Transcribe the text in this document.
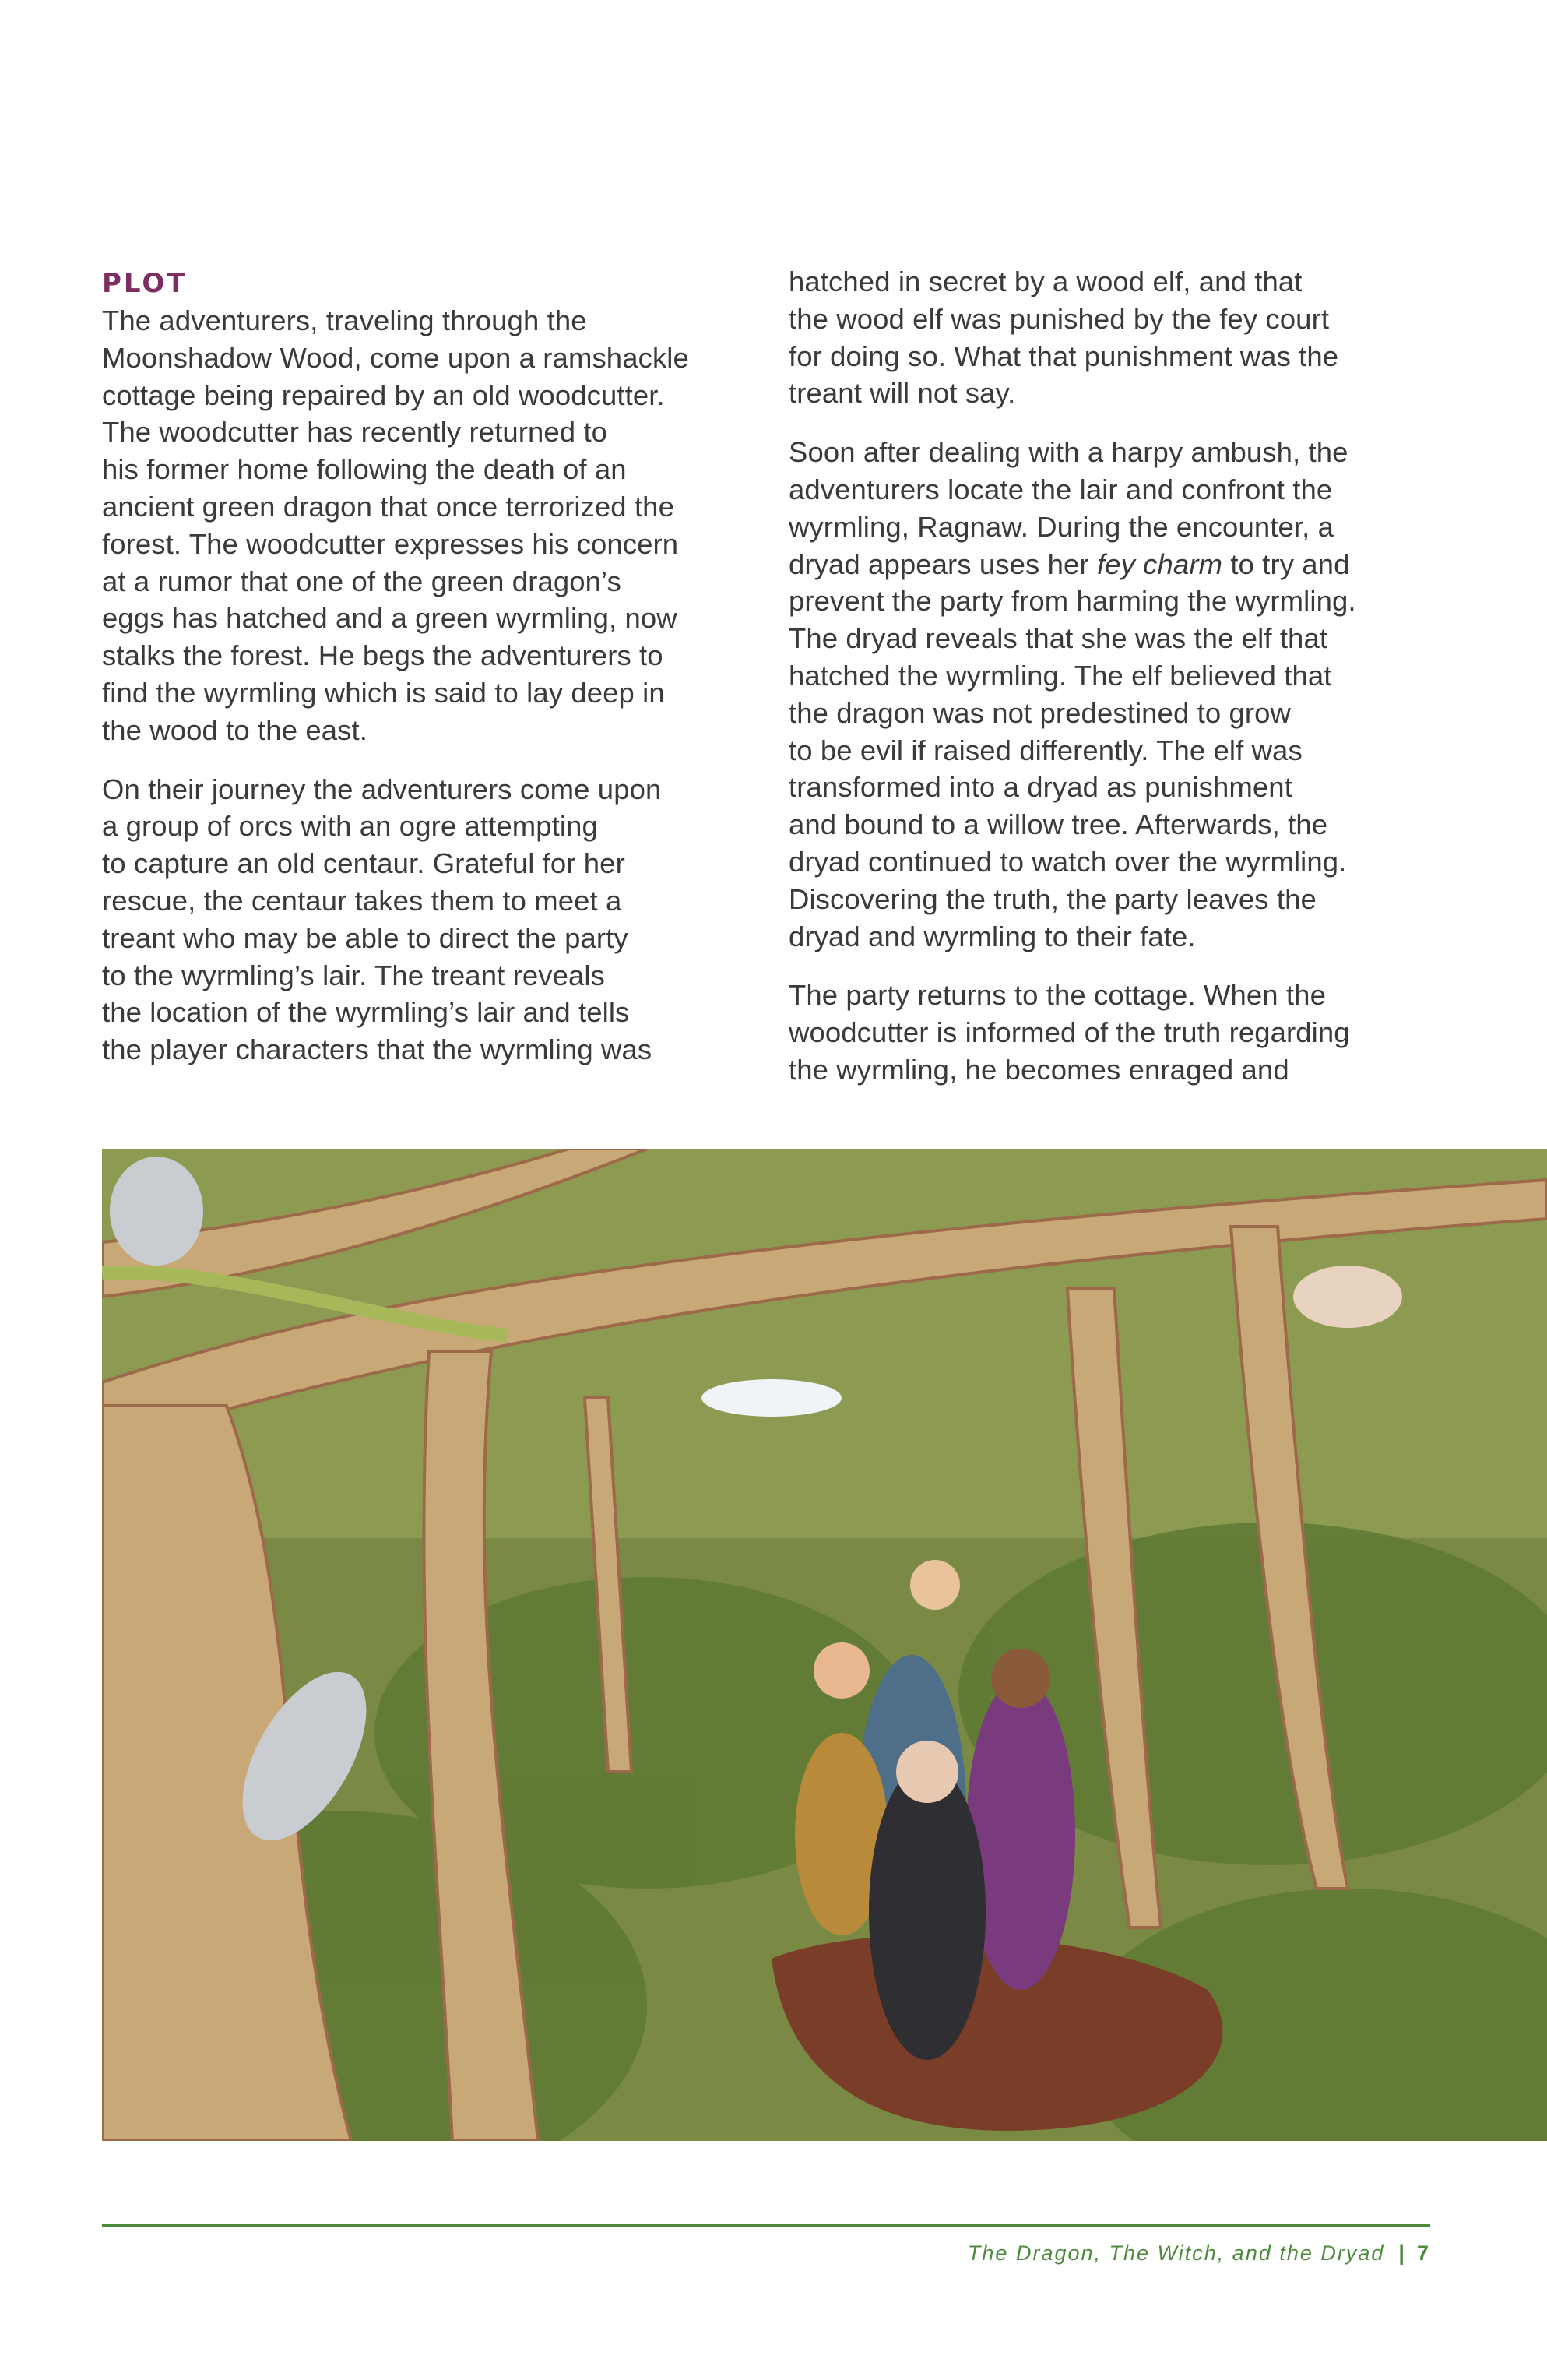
PLOT

The adventurers, traveling through the
Moonshadow Wood, come upon a ramshackle
cottage being repaired by an old woodcutter.
The woodcutter has recently returned to
his former home following the death of an
ancient green dragon that once terrorized the
forest. The woodcutter expresses his concern
at a rumor that one of the green dragon’s
eggs has hatched and a green wyrmling, now
stalks the forest. He begs the adventurers to
find the wyrmling which is said to lay deep in
the wood to the east.

On their journey the adventurers come upon
a group of orcs with an ogre attempting
to capture an old centaur. Grateful for her
rescue, the centaur takes them to meet a
treant who may be able to direct the party
to the wyrmling’s lair. The treant reveals
the location of the wyrmling’s lair and tells
the player characters that the wyrmling was

hatched in secret by a wood elf, and that
the wood elf was punished by the fey court
for doing so. What that punishment was the
treant will not say.

Soon after dealing with a harpy ambush, the
adventurers locate the lair and confront the
wyrmling, Ragnaw. During the encounter, a
dryad appears uses her fey charm to try and
prevent the party from harming the wyrmling.
The dryad reveals that she was the elf that
hatched the wyrmling. The elf believed that
the dragon was not predestined to grow
to be evil if raised differently. The elf was
transformed into a dryad as punishment
and bound to a willow tree. Afterwards, the
dryad continued to watch over the wyrmling.
Discovering the truth, the party leaves the
dryad and wyrmling to their fate.

The party returns to the cottage. When the
woodcutter is informed of the truth regarding
the wyrmling, he becomes enraged and

The Dragon, The Witch, and the Dryad | 7
